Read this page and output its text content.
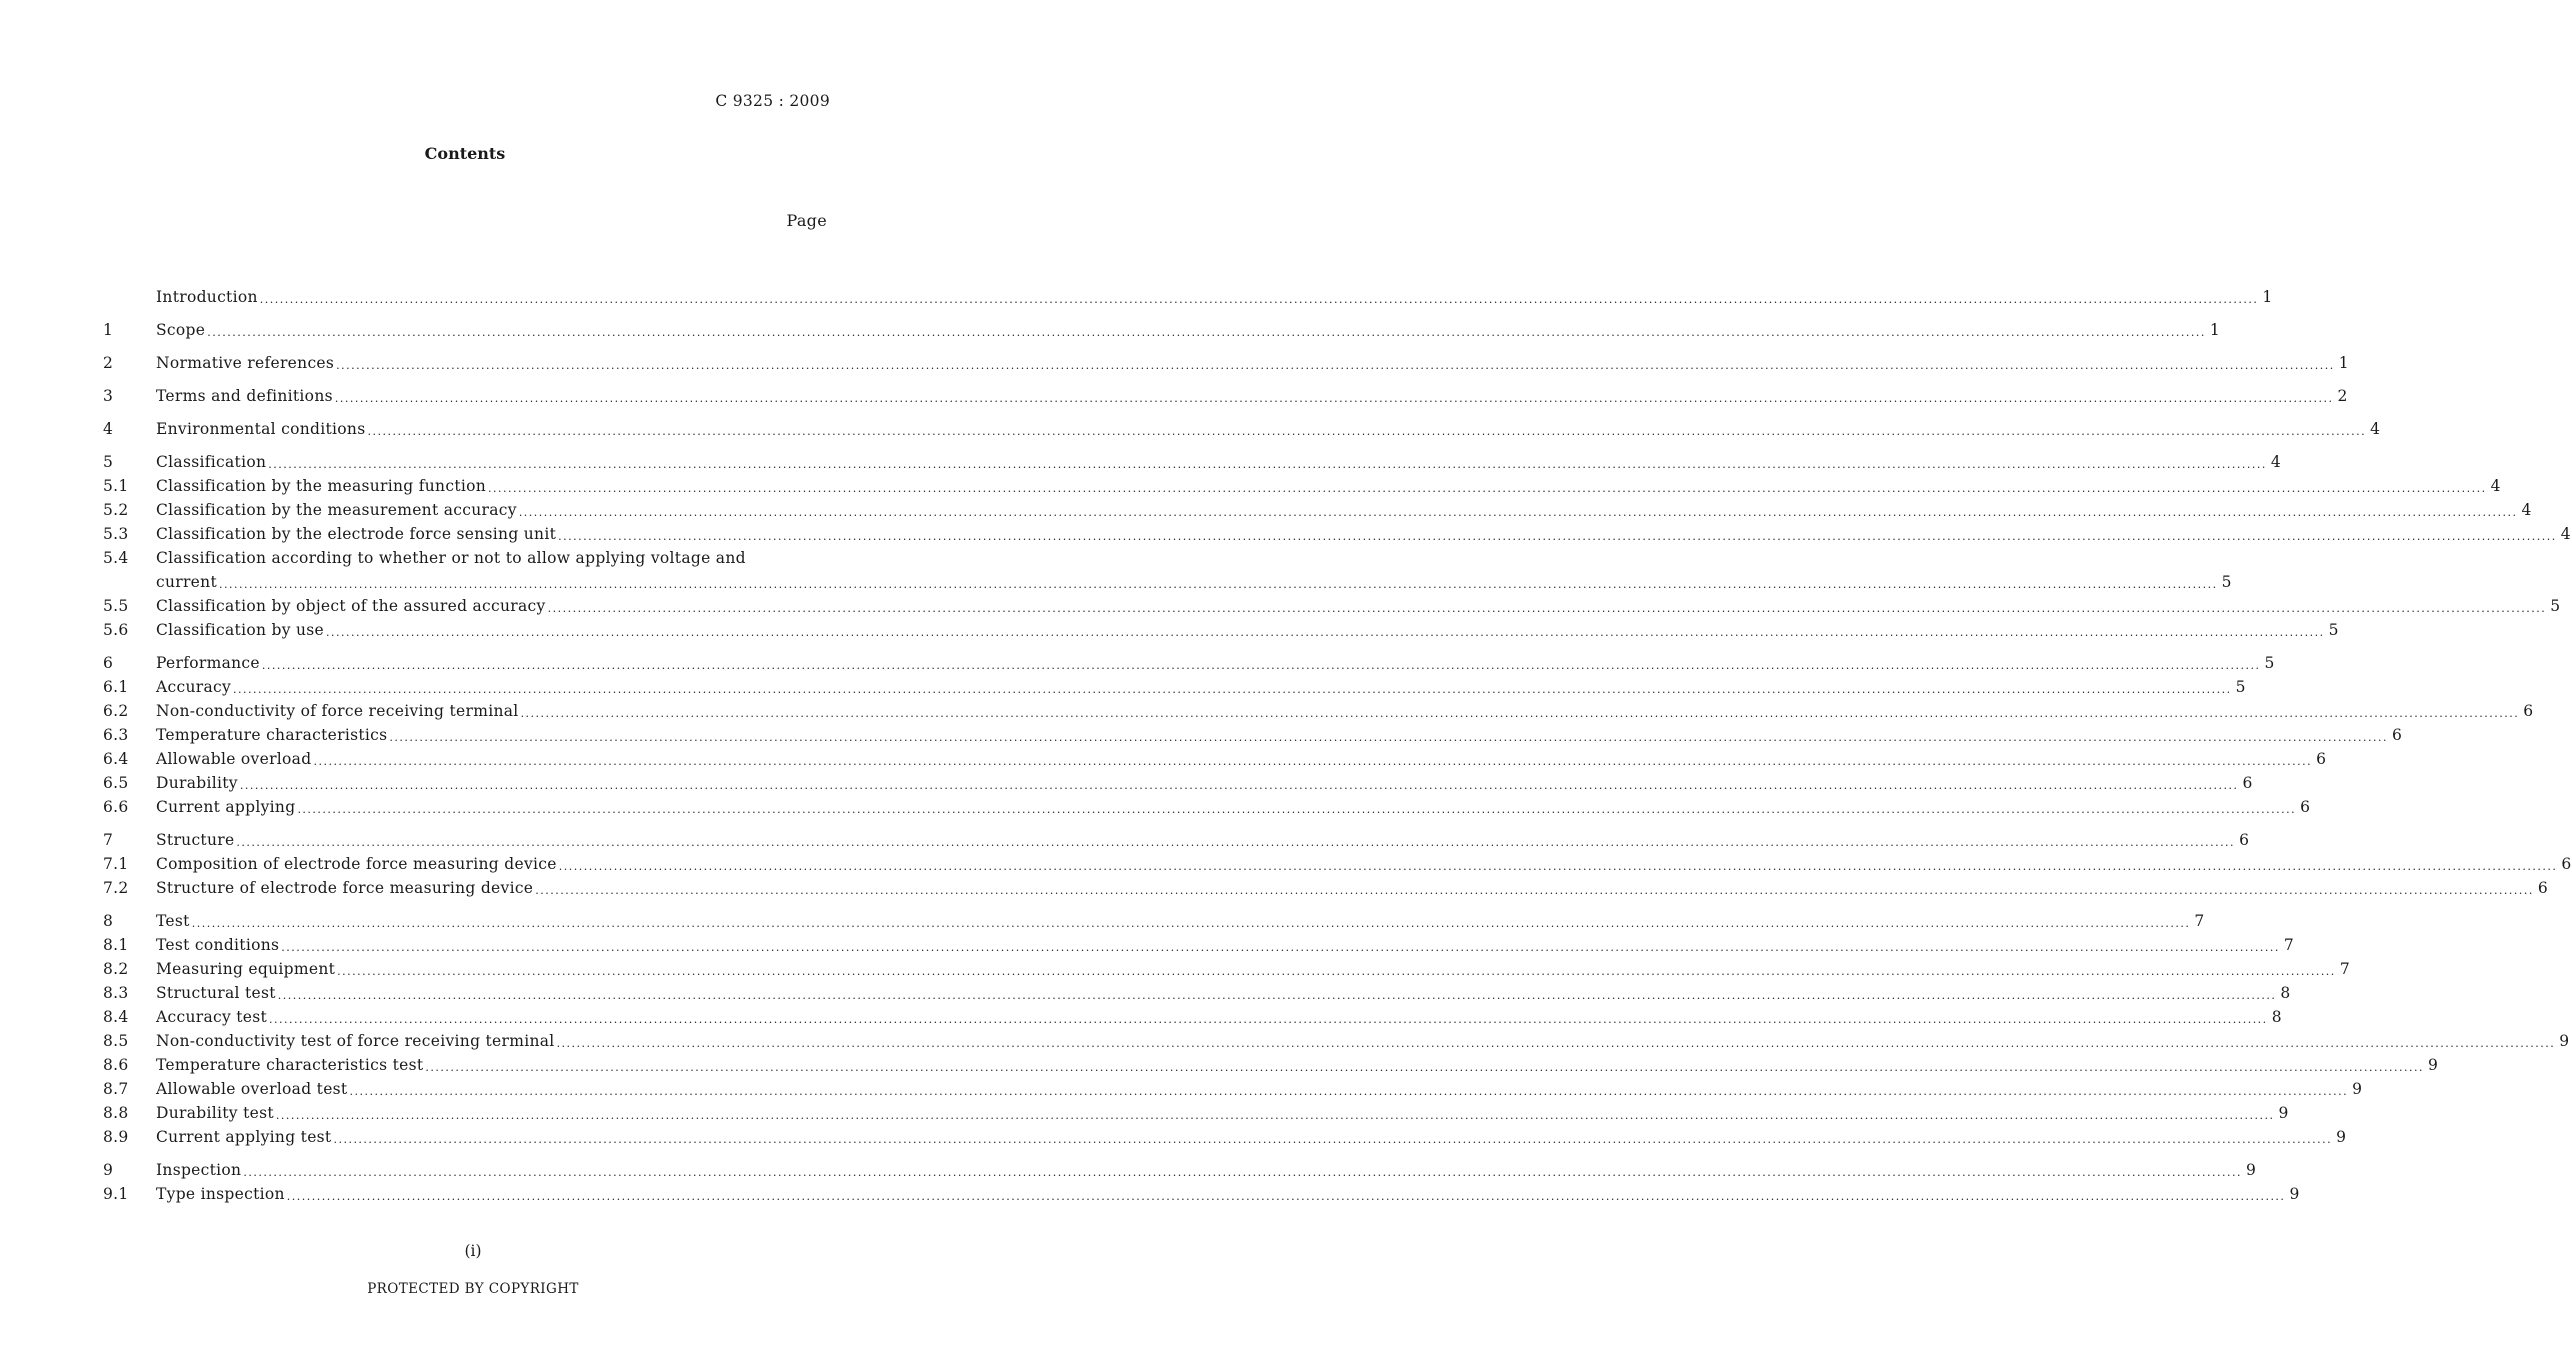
C 9325 : 2009
Contents
Page
Introduction ................................................................................................................................................................................................................................................................................................................................................................................................................ 1
1	Scope ................................................................................................................................................................................................................................................................................................................................................................................................................ 1
2	Normative references ................................................................................................................................................................................................................................................................................................................................................................................................................ 1
3	Terms and definitions ................................................................................................................................................................................................................................................................................................................................................................................................................ 2
4	Environmental conditions ................................................................................................................................................................................................................................................................................................................................................................................................................ 4
5	Classification ................................................................................................................................................................................................................................................................................................................................................................................................................ 4
5.1	Classification by the measuring function ................................................................................................................................................................................................................................................................................................................................................................................................................ 4
5.2	Classification by the measurement accuracy ................................................................................................................................................................................................................................................................................................................................................................................................................ 4
5.3	Classification by the electrode force sensing unit ................................................................................................................................................................................................................................................................................................................................................................................................................ 4
5.4	Classification according to whether or not to allow applying voltage and
current ................................................................................................................................................................................................................................................................................................................................................................................................................ 5
5.5	Classification by object of the assured accuracy ................................................................................................................................................................................................................................................................................................................................................................................................................ 5
5.6	Classification by use ................................................................................................................................................................................................................................................................................................................................................................................................................ 5
6	Performance ................................................................................................................................................................................................................................................................................................................................................................................................................ 5
6.1	Accuracy ................................................................................................................................................................................................................................................................................................................................................................................................................ 5
6.2	Non-conductivity of force receiving terminal ................................................................................................................................................................................................................................................................................................................................................................................................................ 6
6.3	Temperature characteristics ................................................................................................................................................................................................................................................................................................................................................................................................................ 6
6.4	Allowable overload ................................................................................................................................................................................................................................................................................................................................................................................................................ 6
6.5	Durability ................................................................................................................................................................................................................................................................................................................................................................................................................ 6
6.6	Current applying ................................................................................................................................................................................................................................................................................................................................................................................................................ 6
7	Structure ................................................................................................................................................................................................................................................................................................................................................................................................................ 6
7.1	Composition of electrode force measuring device ................................................................................................................................................................................................................................................................................................................................................................................................................ 6
7.2	Structure of electrode force measuring device ................................................................................................................................................................................................................................................................................................................................................................................................................ 6
8	Test ................................................................................................................................................................................................................................................................................................................................................................................................................ 7
8.1	Test conditions ................................................................................................................................................................................................................................................................................................................................................................................................................ 7
8.2	Measuring equipment ................................................................................................................................................................................................................................................................................................................................................................................................................ 7
8.3	Structural test ................................................................................................................................................................................................................................................................................................................................................................................................................ 8
8.4	Accuracy test ................................................................................................................................................................................................................................................................................................................................................................................................................ 8
8.5	Non-conductivity test of force receiving terminal ................................................................................................................................................................................................................................................................................................................................................................................................................ 9
8.6	Temperature characteristics test ................................................................................................................................................................................................................................................................................................................................................................................................................ 9
8.7	Allowable overload test ................................................................................................................................................................................................................................................................................................................................................................................................................ 9
8.8	Durability test ................................................................................................................................................................................................................................................................................................................................................................................................................ 9
8.9	Current applying test ................................................................................................................................................................................................................................................................................................................................................................................................................ 9
9	Inspection ................................................................................................................................................................................................................................................................................................................................................................................................................ 9
9.1	Type inspection ................................................................................................................................................................................................................................................................................................................................................................................................................ 9
(i)
PROTECTED BY COPYRIGHT
